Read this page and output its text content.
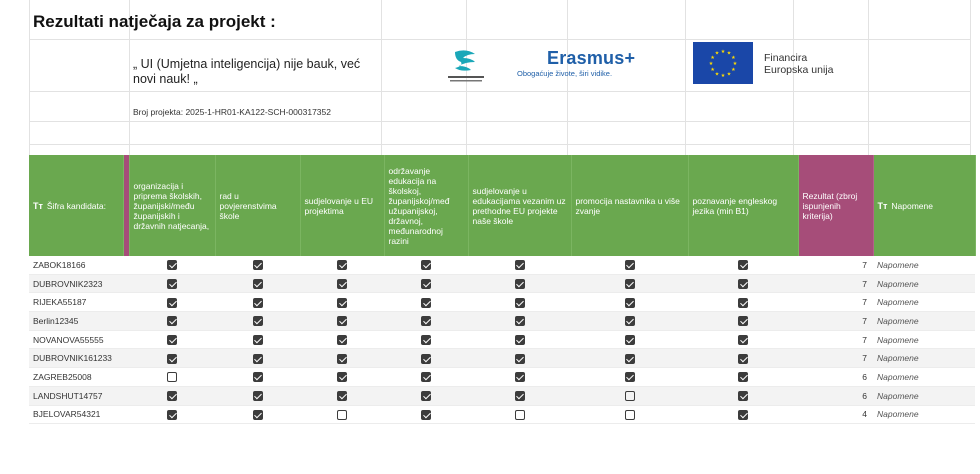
Rezultati natječaja za projekt :
„ UI (Umjetna inteligencija) nije bauk, već novi nauk! „
Broj projekta: 2025-1-HR01-KA122-SCH-000317352
Erasmus+
Obogaćuje živote, širi vidike.
★ ★
★
★
★
★
★
★
★
★
★
★	Financira Europska unija
Tт Šifra kandidata:		organizacija i pripremа školskih, županijski/među županijskih i državnih natjecanja,	rad u povjerenstvima škole	sudjelovanje u EU projektima	održavanje edukacija na školskoj, županijskoj/međ užupanijskoj, državnoj, međunarodnoj razini	sudjelovanje u edukacijama vezanim uz prethodne EU projekte naše škole	promocija nastavnika u više zvanje	poznavanje engleskog jezika (min B1)	Rezultat (zbroj ispunjenih kriterija)	Tт Napomene
ZABOK18166									7	Napomene
DUBROVNIK2323									7	Napomene
RIJEKA55187									7	Napomene
Berlin12345									7	Napomene
NOVANOVA55555									7	Napomene
DUBROVNIK161233									7	Napomene
ZAGREB25008									6	Napomene
LANDSHUT14757									6	Napomene
BJELOVAR54321									4	Napomene
